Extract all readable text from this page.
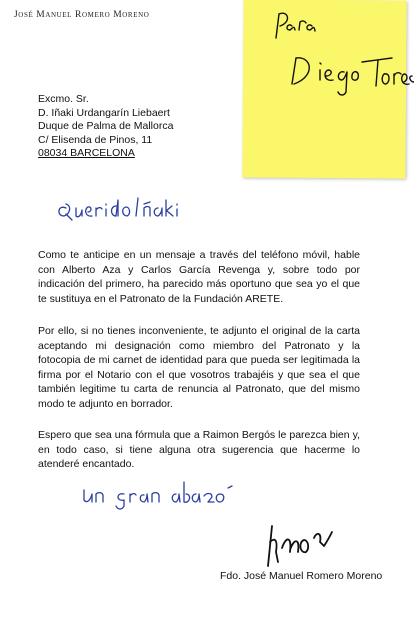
José Manuel Romero Moreno
Excmo. Sr.
D. Iñaki Urdangarín Liebaert
Duque de Palma de Mallorca
C/ Elisenda de Pinos, 11
08034 BARCELONA
Como te anticipe en un mensaje a través del teléfono móvil, hable con Alberto Aza y Carlos García Revenga y, sobre todo por indicación del primero, ha parecido más oportuno que sea yo el que te sustituya en el Patronato de la Fundación ARETE.
Por ello, si no tienes inconveniente, te adjunto el original de la carta aceptando mi designación como miembro del Patronato y la fotocopia de mi carnet de identidad para que pueda ser legitimada la firma por el Notario con el que vosotros trabajéis y que sea el que también legitime tu carta de renuncia al Patronato, que del mismo modo te adjunto en borrador.
Espero que sea una fórmula que a Raimon Bergós le parezca bien y, en todo caso, si tiene alguna otra sugerencia que hacerme lo atenderé encantado.
Fdo. José Manuel Romero Moreno
